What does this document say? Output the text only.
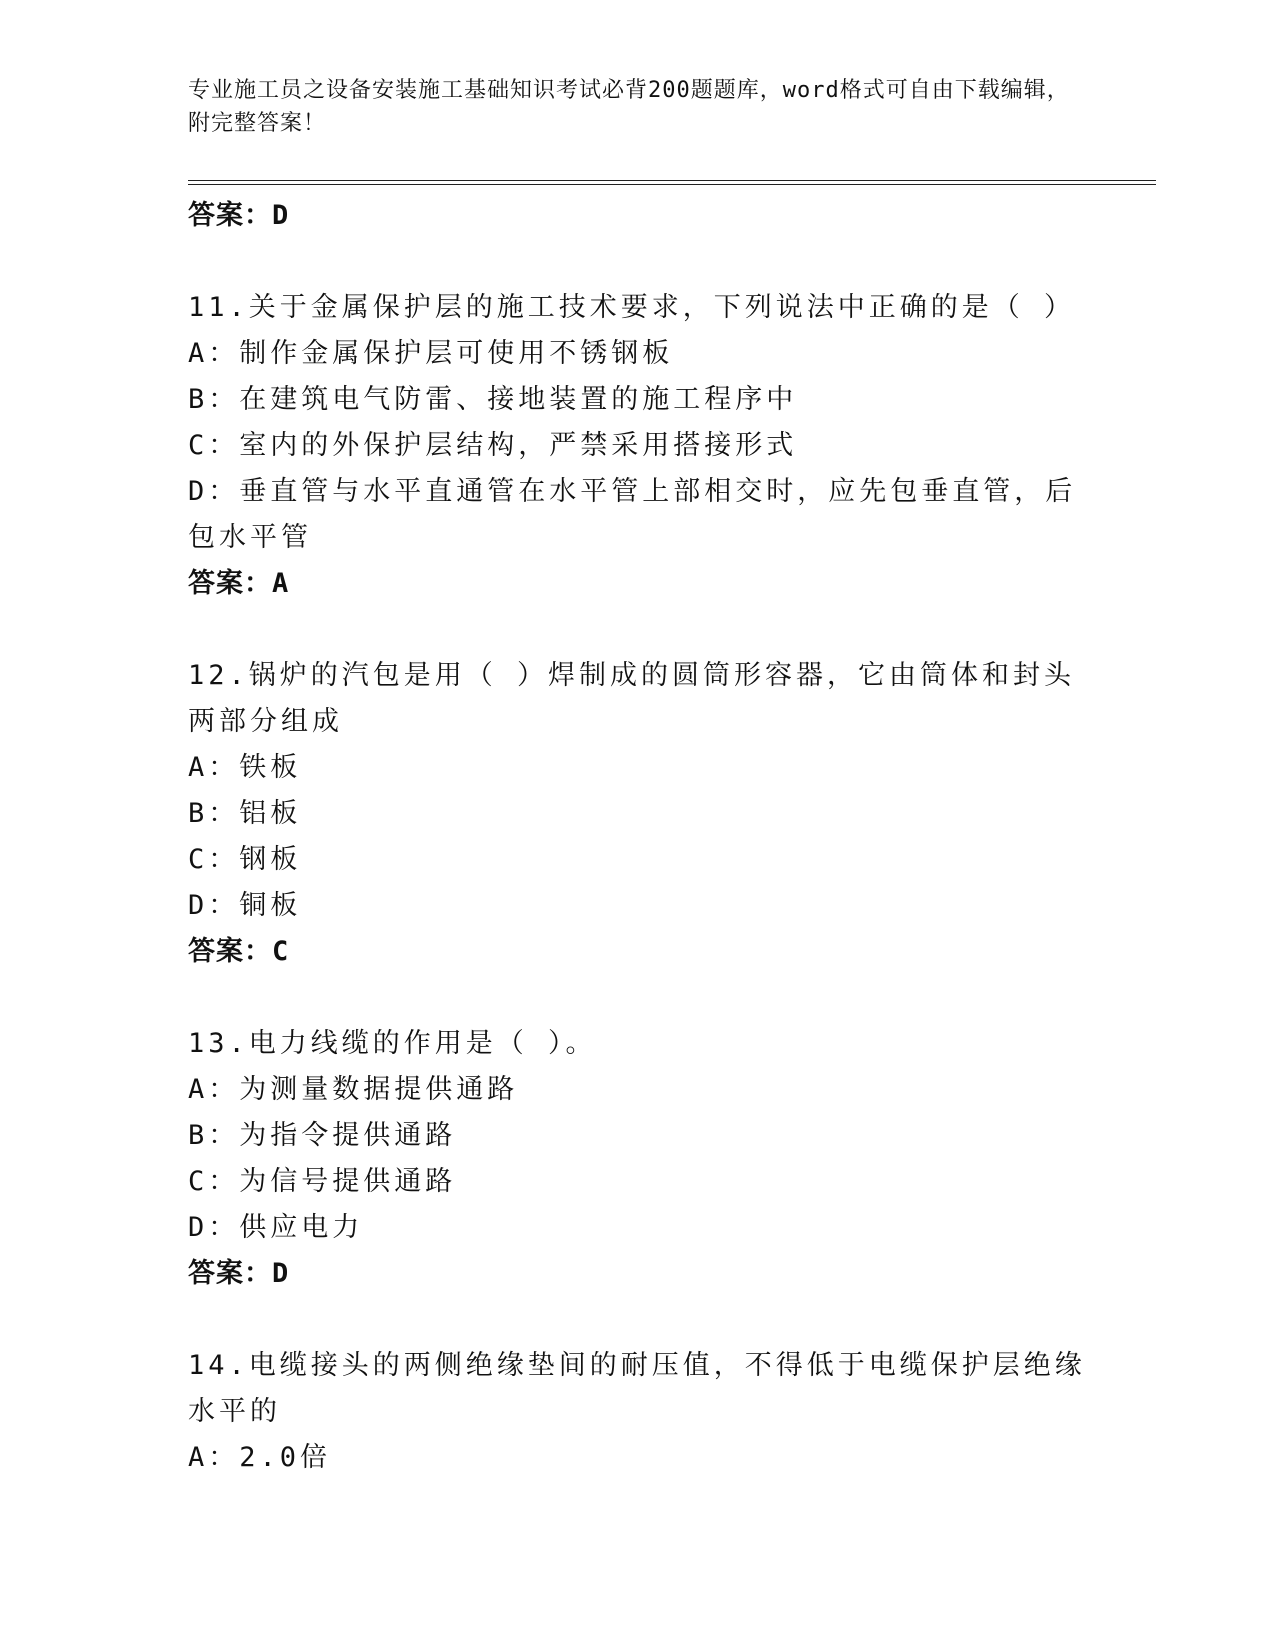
专业施工员之设备安装施工基础知识考试必背200题题库，word格式可自由下载编辑，附完整答案！
答案：D
11.关于金属保护层的施工技术要求，下列说法中正确的是（ ）
A：制作金属保护层可使用不锈钢板
B：在建筑电气防雷、接地装置的施工程序中
C：室内的外保护层结构，严禁采用搭接形式
D：垂直管与水平直通管在水平管上部相交时，应先包垂直管，后包水平管
答案：A
12.锅炉的汽包是用（ ）焊制成的圆筒形容器，它由筒体和封头两部分组成
A：铁板
B：铝板
C：钢板
D：铜板
答案：C
13.电力线缆的作用是（ ）。
A：为测量数据提供通路
B：为指令提供通路
C：为信号提供通路
D：供应电力
答案：D
14.电缆接头的两侧绝缘垫间的耐压值，不得低于电缆保护层绝缘水平的
A：2.0倍
